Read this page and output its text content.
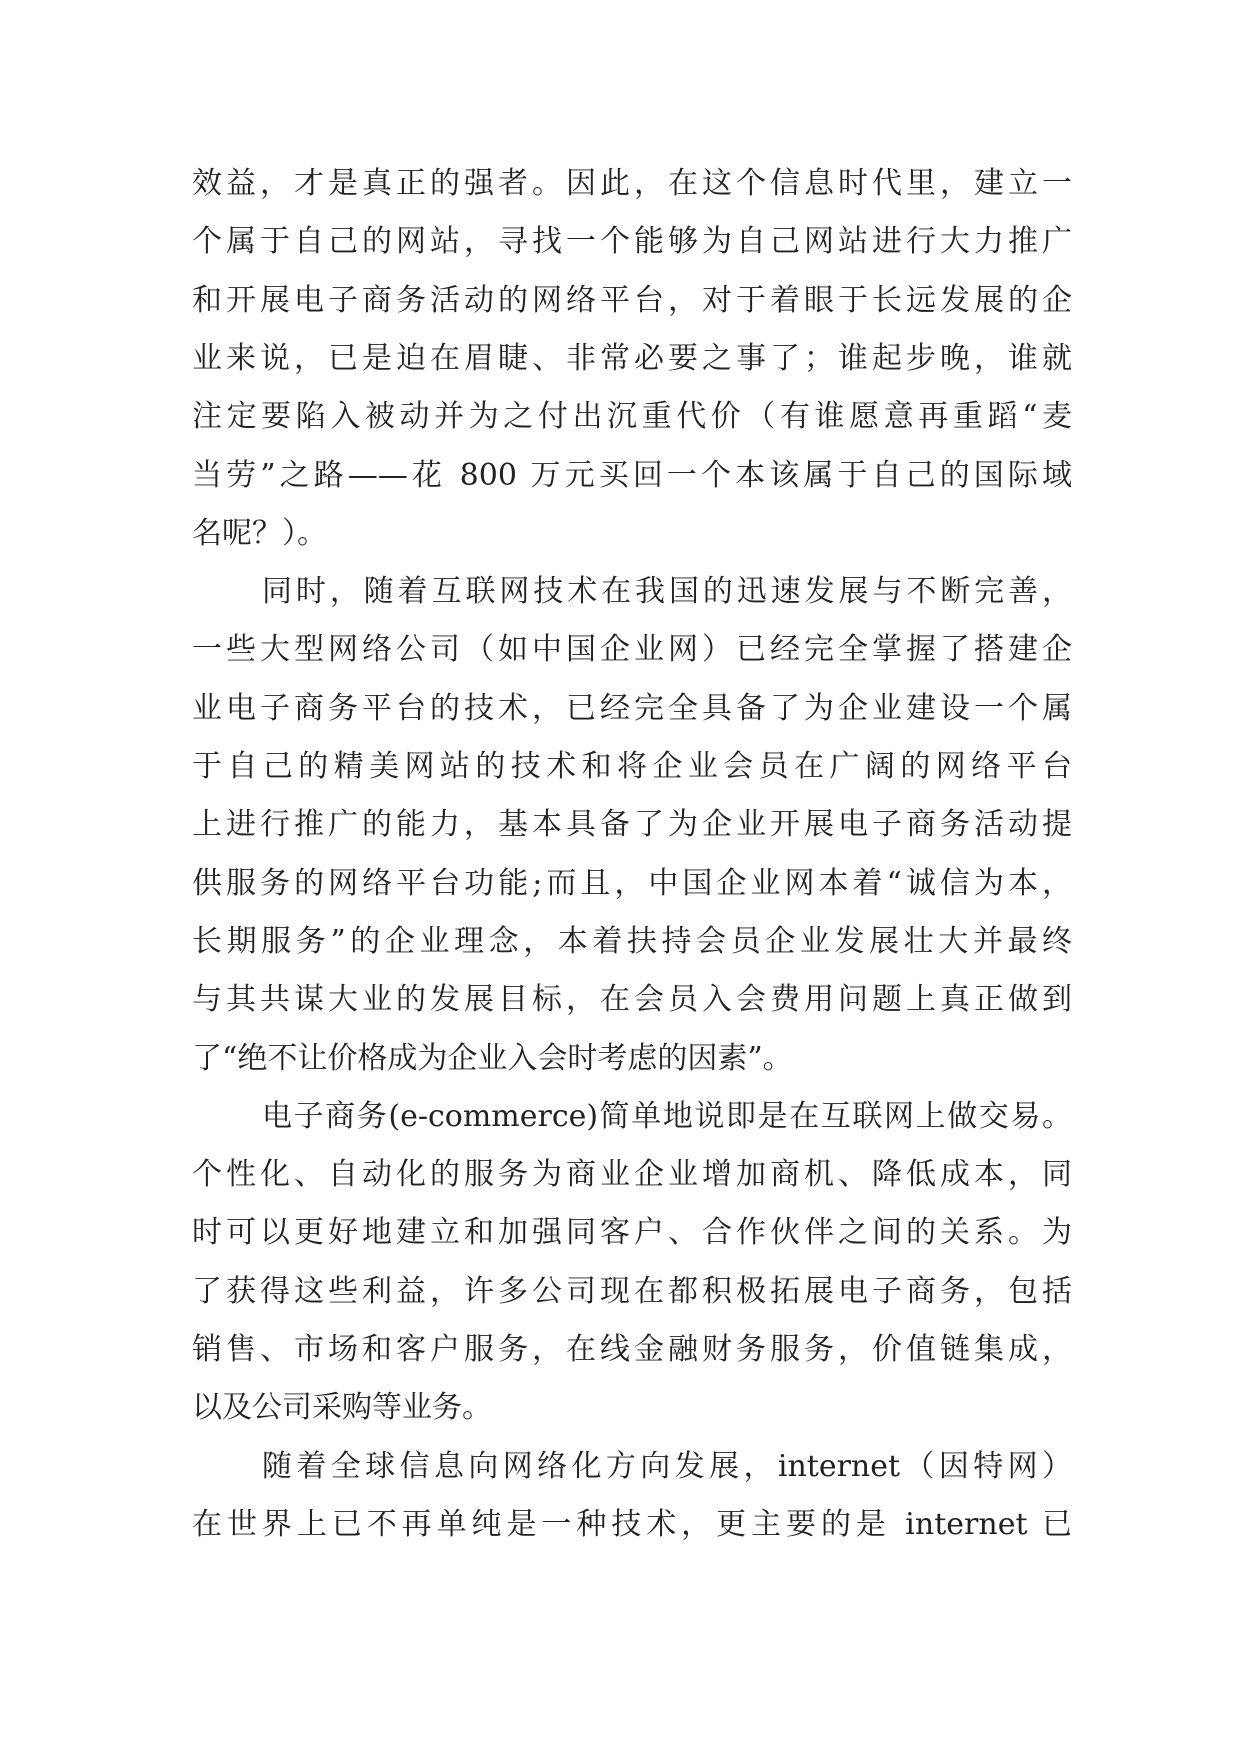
效益，才是真正的强者。因此，在这个信息时代里，建立一
个属于自己的网站，寻找一个能够为自己网站进行大力推广
和开展电子商务活动的网络平台，对于着眼于长远发展的企
业来说，已是迫在眉睫、非常必要之事了；谁起步晚，谁就
注定要陷入被动并为之付出沉重代价（有谁愿意再重蹈“麦
当劳”之路——花 800 万元买回一个本该属于自己的国际域
名呢？）。
同时，随着互联网技术在我国的迅速发展与不断完善，
一些大型网络公司（如中国企业网）已经完全掌握了搭建企
业电子商务平台的技术，已经完全具备了为企业建设一个属
于自己的精美网站的技术和将企业会员在广阔的网络平台
上进行推广的能力，基本具备了为企业开展电子商务活动提
供服务的网络平台功能;而且，中国企业网本着“诚信为本，
长期服务”的企业理念，本着扶持会员企业发展壮大并最终
与其共谋大业的发展目标，在会员入会费用问题上真正做到
了“绝不让价格成为企业入会时考虑的因素”。
电子商务(e-commerce)简单地说即是在互联网上做交易。
个性化、自动化的服务为商业企业增加商机、降低成本，同
时可以更好地建立和加强同客户、合作伙伴之间的关系。为
了获得这些利益，许多公司现在都积极拓展电子商务，包括
销售、市场和客户服务，在线金融财务服务，价值链集成，
以及公司采购等业务。
随着全球信息向网络化方向发展，internet（因特网）
在世界上已不再单纯是一种技术，更主要的是 internet 已
